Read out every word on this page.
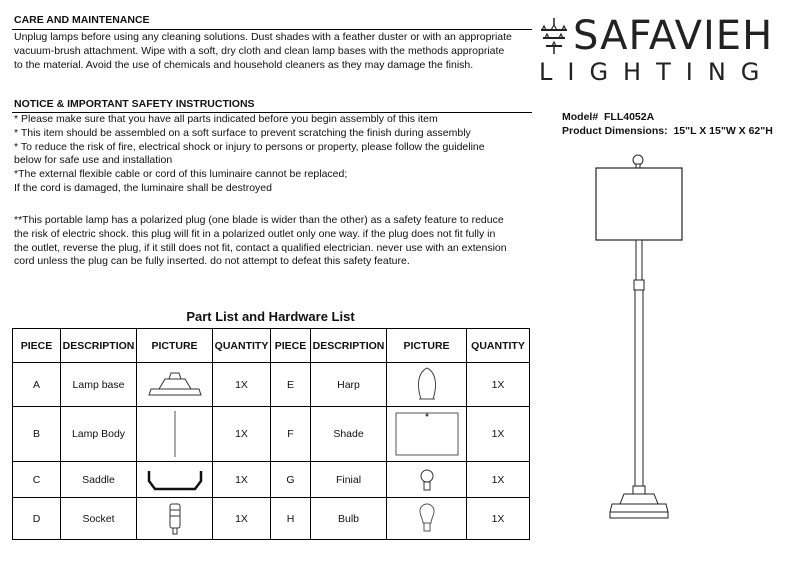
CARE AND MAINTENANCE
Unplug lamps before using any cleaning solutions. Dust shades with a feather duster or with an appropriate
vacuum-brush attachment. Wipe with a soft, dry cloth and clean lamp bases with the methods appropriate
to the material. Avoid the use of chemicals and household cleaners as they may damage the finish.
NOTICE & IMPORTANT SAFETY INSTRUCTIONS
* Please make sure that you have all parts indicated before you begin assembly of this item
* This item should be assembled on a soft surface to prevent scratching the finish during assembly
* To reduce the risk of fire, electrical shock or injury to persons or property, please follow the guideline
below for safe use and installation
*The external flexible cable or cord of this luminaire cannot be replaced;
If the cord is damaged, the luminaire shall be destroyed
**This portable lamp has a polarized plug (one blade is wider than the other) as a safety feature to reduce
the risk of electric shock. this plug will fit in a polarized outlet only one way. if the plug does not fit fully in
the outlet, reverse the plug, if it still does not fit, contact a qualified electrician. never use with an extension
cord unless the plug can be fully inserted. do not attempt to defeat this safety feature.
Part List and Hardware List
PIECE	DESCRIPTION	PICTURE	QUANTITY	PIECE	DESCRIPTION	PICTURE	QUANTITY
A	Lamp base		1X	E	Harp		1X
B	Lamp Body		1X	F	Shade		1X
C	Saddle		1X	G	Finial		1X
D	Socket		1X	H	Bulb		1X
SAFAVIEH
LIGHTING
Model# FLL4052A
Product Dimensions: 15"L X 15"W X 62"H
